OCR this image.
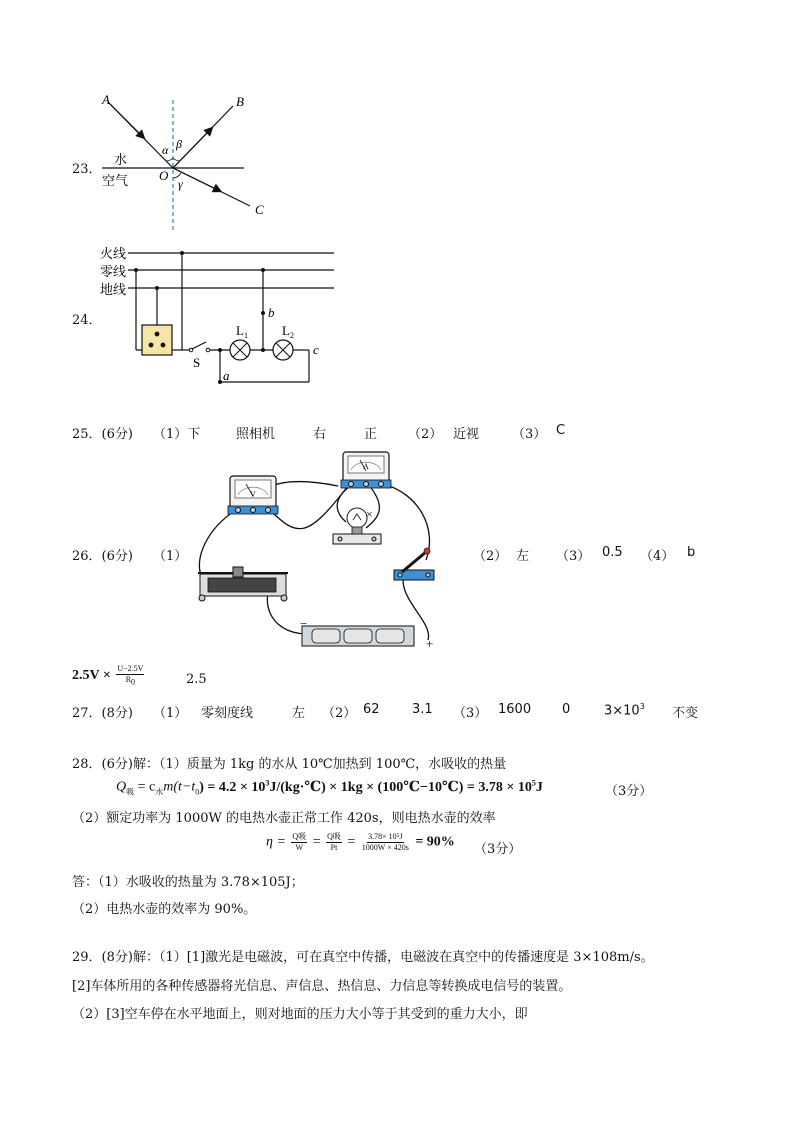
23．
A	B
C
O
α β
γ
水
空气
24．
火线
零线
地线
S
$L_1$
b
$L_2$
c
a
25．(6分) （1）下	照相机	右	正 （2） 近视	（3） C
26．(6分) （1）
V
A
×
−
+
（2） 左 （3） 0.5 （4） b
$2.5V \times \frac{U-2.5V}{R_0}$	2.5
27．(8分) （1） 零刻度线	左 （2） 62 3.1 （3） 1600 0	$3\times 10^3$ 不变
28．(6分)解：（1）质量为 1kg 的水从 10℃加热到 100℃，水吸收的热量
$Q_吸 = c_水m(t-t_0) = 4.2$ × $10^3J/(kg\cdot℃) \times 1kg$ × (100℃−10℃) = $3.78 \times 10^5J$	（3分）
（2）额定功率为 1000W 的电热水壶正常工作 420s，则电热水壶的效率
$\eta = \frac{\text{Q吸}}{W} = \frac{\text{Q吸}}{Pt} = \frac{\text{3.78× 10⁵J}}{1000W \times 420s} = 90\%$ （3分）
答：（1）水吸收的热量为 3.78×105J；
（2）电热水壶的效率为 90%。
29．(8分)解：（1）[1]激光是电磁波，可在真空中传播，电磁波在真空中的传播速度是 3×108m/s。
[2]车体所用的各种传感器将光信息、声信息、热信息、力信息等转换成电信号的装置。
（2）[3]空车停在水平地面上，则对地面的压力大小等于其受到的重力大小，即
